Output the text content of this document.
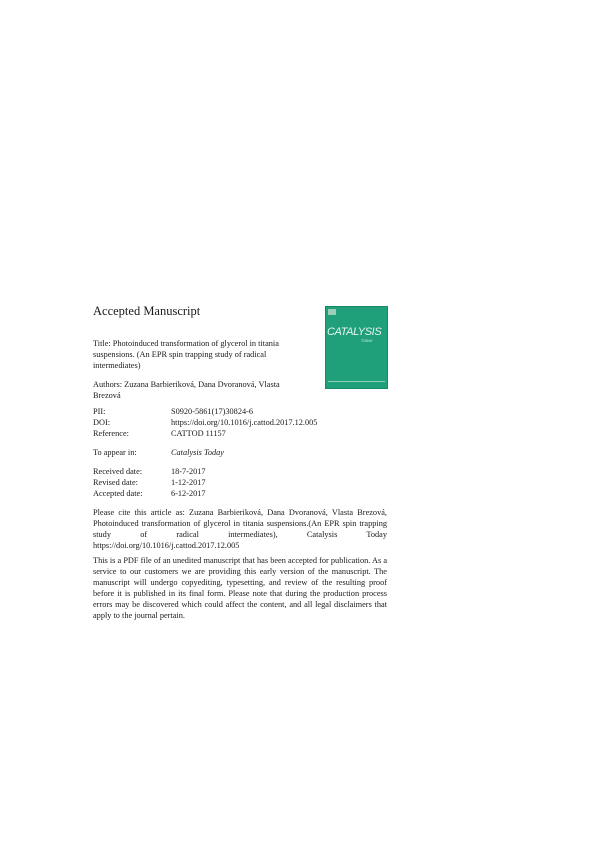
Accepted Manuscript
Title: Photoinduced transformation of glycerol in titania suspensions. (An EPR spin trapping study of radical intermediates)
Authors: Zuzana Barbieriková, Dana Dvoranová, Vlasta Brezová
CATALYSIS
TODAY
PII:	S0920-5861(17)30824-6
DOI:	https://doi.org/10.1016/j.cattod.2017.12.005
Reference:	CATTOD 11157
To appear in:	Catalysis Today
Received date:	18-7-2017
Revised date:	1-12-2017
Accepted date:	6-12-2017

Please cite this article as: Zuzana Barbieriková, Dana Dvoranová, Vlasta Brezová, Photoinduced transformation of glycerol in titania suspensions.(An EPR spin trapping study of radical intermediates), Catalysis Today https://doi.org/10.1016/j.cattod.2017.12.005

This is a PDF file of an unedited manuscript that has been accepted for publication. As a service to our customers we are providing this early version of the manuscript. The manuscript will undergo copyediting, typesetting, and review of the resulting proof before it is published in its final form. Please note that during the production process errors may be discovered which could affect the content, and all legal disclaimers that apply to the journal pertain.
